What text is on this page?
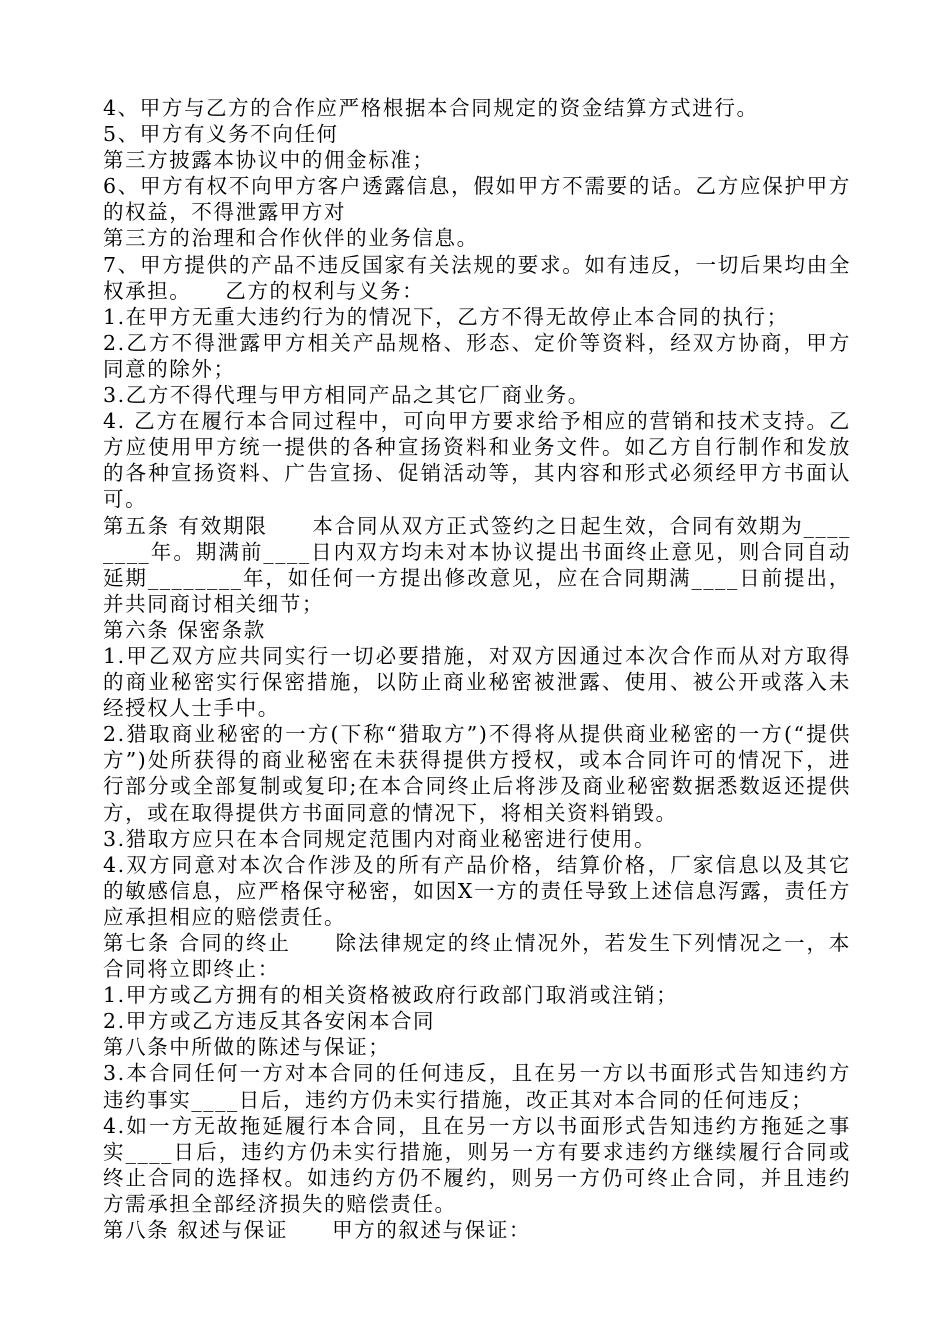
4、甲方与乙方的合作应严格根据本合同规定的资金结算方式进行。

5、甲方有义务不向任何

第三方披露本协议中的佣金标准；

6、甲方有权不向甲方客户透露信息，假如甲方不需要的话。乙方应保护甲方的权益，不得泄露甲方对

第三方的治理和合作伙伴的业务信息。

7、甲方提供的产品不违反国家有关法规的要求。如有违反，一切后果均由全权承担。　　乙方的权利与义务：

1.在甲方无重大违约行为的情况下，乙方不得无故停止本合同的执行；

2.乙方不得泄露甲方相关产品规格、形态、定价等资料，经双方协商，甲方同意的除外；

3.乙方不得代理与甲方相同产品之其它厂商业务。

4. 乙方在履行本合同过程中，可向甲方要求给予相应的营销和技术支持。乙方应使用甲方统一提供的各种宣扬资料和业务文件。如乙方自行制作和发放的各种宣扬资料、广告宣扬、促销活动等，其内容和形式必须经甲方书面认可。

第五条 有效期限　　本合同从双方正式签约之日起生效，合同有效期为________年。期满前____日内双方均未对本协议提出书面终止意见，则合同自动延期________年，如任何一方提出修改意见，应在合同期满____日前提出，并共同商讨相关细节；

第六条 保密条款

1.甲乙双方应共同实行一切必要措施，对双方因通过本次合作而从对方取得的商业秘密实行保密措施，以防止商业秘密被泄露、使用、被公开或落入未经授权人士手中。

2.猎取商业秘密的一方(下称“猎取方”)不得将从提供商业秘密的一方(“提供方”)处所获得的商业秘密在未获得提供方授权，或本合同许可的情况下，进行部分或全部复制或复印;在本合同终止后将涉及商业秘密数据悉数返还提供方，或在取得提供方书面同意的情况下，将相关资料销毁。

3.猎取方应只在本合同规定范围内对商业秘密进行使用。

4.双方同意对本次合作涉及的所有产品价格，结算价格，厂家信息以及其它的敏感信息，应严格保守秘密，如因X一方的责任导致上述信息泻露，责任方应承担相应的赔偿责任。

第七条 合同的终止　　除法律规定的终止情况外，若发生下列情况之一，本合同将立即终止：

1.甲方或乙方拥有的相关资格被政府行政部门取消或注销；

2.甲方或乙方违反其各安闲本合同

第八条中所做的陈述与保证；

3.本合同任何一方对本合同的任何违反，且在另一方以书面形式告知违约方违约事实____日后，违约方仍未实行措施，改正其对本合同的任何违反；

4.如一方无故拖延履行本合同，且在另一方以书面形式告知违约方拖延之事实____日后，违约方仍未实行措施，则另一方有要求违约方继续履行合同或终止合同的选择权。如违约方仍不履约，则另一方仍可终止合同，并且违约方需承担全部经济损失的赔偿责任。

第八条 叙述与保证　　甲方的叙述与保证：
